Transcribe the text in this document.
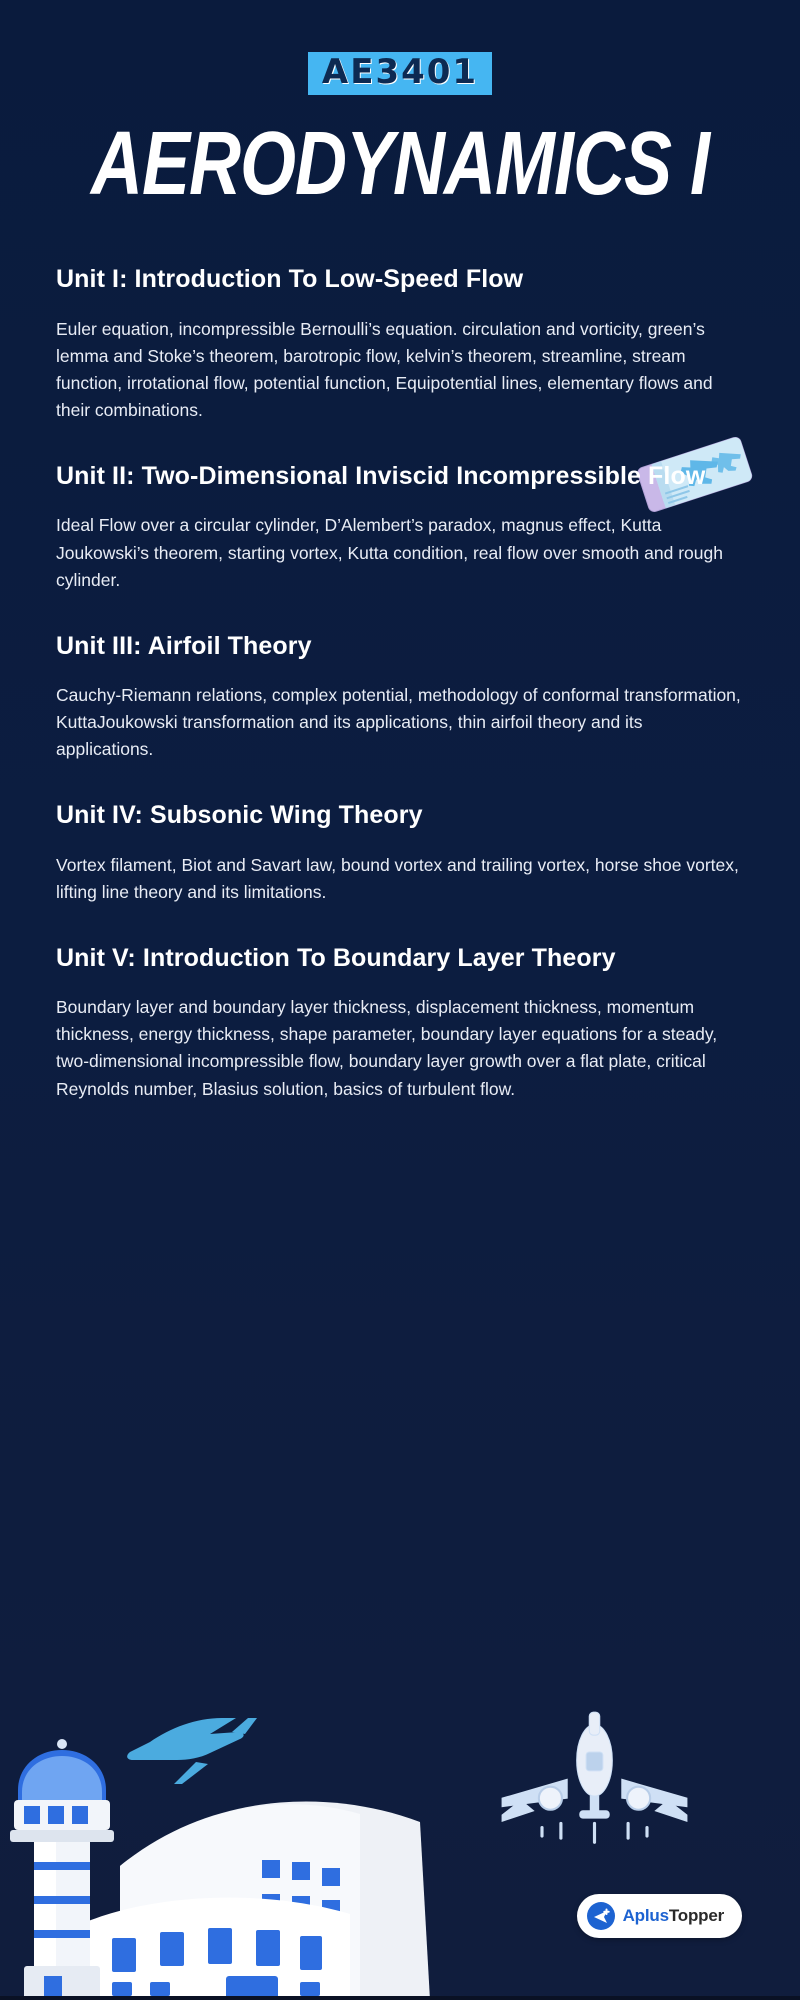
AE3401
AERODYNAMICS I
Unit I: Introduction To Low-Speed Flow

Euler equation, incompressible Bernoulli’s equation. circulation and vorticity, green’s lemma and Stoke’s theorem, barotropic flow, kelvin’s theorem, streamline, stream function, irrotational flow, potential function, Equipotential lines, elementary flows and their combinations.

Unit II: Two-Dimensional Inviscid Incompressible Flow

Ideal Flow over a circular cylinder, D’Alembert’s paradox, magnus effect, Kutta Joukowski’s theorem, starting vortex, Kutta condition, real flow over smooth and rough cylinder.

Unit III: Airfoil Theory

Cauchy-Riemann relations, complex potential, methodology of conformal transformation, KuttaJoukowski transformation and its applications, thin airfoil theory and its applications.

Unit IV: Subsonic Wing Theory

Vortex filament, Biot and Savart law, bound vortex and trailing vortex, horse shoe vortex, lifting line theory and its limitations.

Unit V: Introduction To Boundary Layer Theory

Boundary layer and boundary layer thickness, displacement thickness, momentum thickness, energy thickness, shape parameter, boundary layer equations for a steady, two-dimensional incompressible flow, boundary layer growth over a flat plate, critical Reynolds number, Blasius solution, basics of turbulent flow.

AplusTopper
